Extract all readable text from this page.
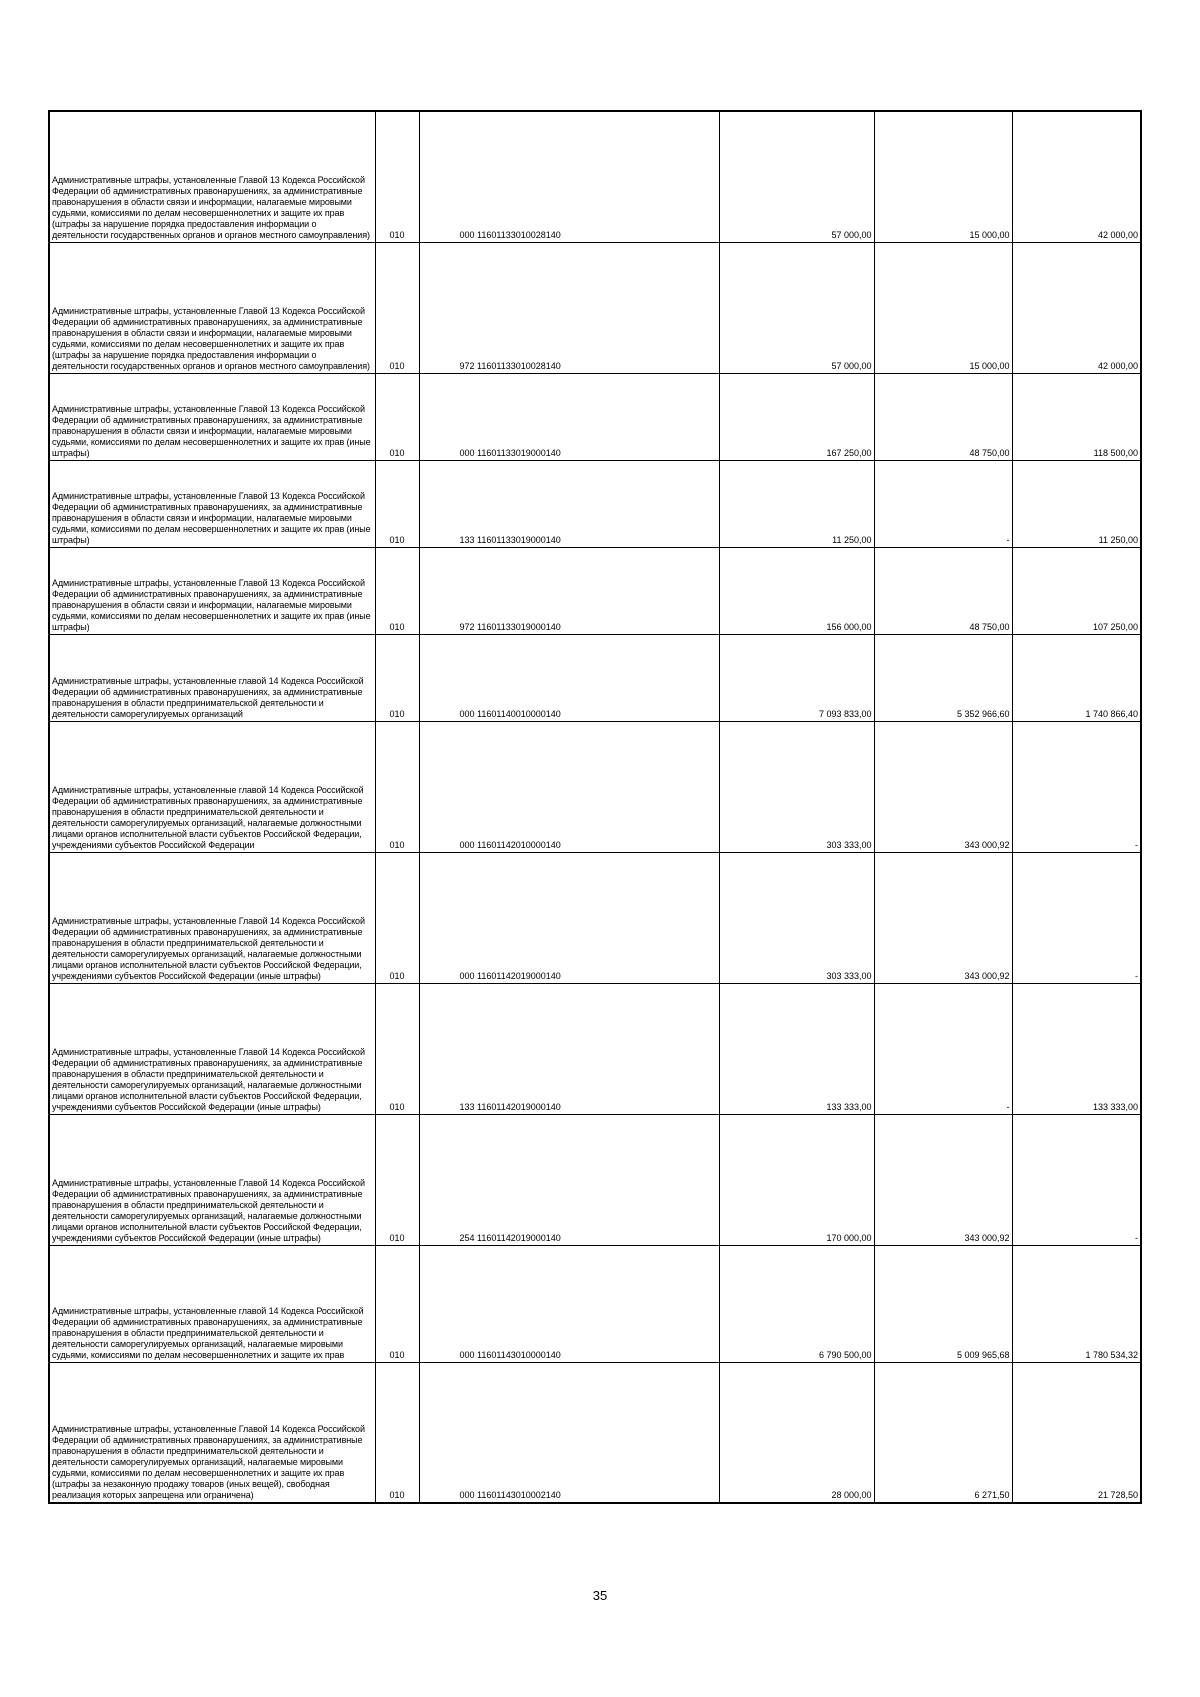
Административные штрафы, установленные Главой 13 Кодекса Российской Федерации об административных правонарушениях, за административные правонарушения в области связи и информации, налагаемые мировыми судьями, комиссиями по делам несовершеннолетних и защите их прав (штрафы за нарушение порядка предоставления информации о деятельности государственных органов и органов местного самоуправления)	010	000 11601133010028140	57 000,00	15 000,00	42 000,00
Административные штрафы, установленные Главой 13 Кодекса Российской Федерации об административных правонарушениях, за административные правонарушения в области связи и информации, налагаемые мировыми судьями, комиссиями по делам несовершеннолетних и защите их прав (штрафы за нарушение порядка предоставления информации о деятельности государственных органов и органов местного самоуправления)	010	972 11601133010028140	57 000,00	15 000,00	42 000,00
Административные штрафы, установленные Главой 13 Кодекса Российской Федерации об административных правонарушениях, за административные правонарушения в области связи и информации, налагаемые мировыми судьями, комиссиями по делам несовершеннолетних и защите их прав (иные штрафы)	010	000 11601133019000140	167 250,00	48 750,00	118 500,00
Административные штрафы, установленные Главой 13 Кодекса Российской Федерации об административных правонарушениях, за административные правонарушения в области связи и информации, налагаемые мировыми судьями, комиссиями по делам несовершеннолетних и защите их прав (иные штрафы)	010	133 11601133019000140	11 250,00	-	11 250,00
Административные штрафы, установленные Главой 13 Кодекса Российской Федерации об административных правонарушениях, за административные правонарушения в области связи и информации, налагаемые мировыми судьями, комиссиями по делам несовершеннолетних и защите их прав (иные штрафы)	010	972 11601133019000140	156 000,00	48 750,00	107 250,00
Административные штрафы, установленные главой 14 Кодекса Российской Федерации об административных правонарушениях, за административные правонарушения в области предпринимательской деятельности и деятельности саморегулируемых организаций	010	000 11601140010000140	7 093 833,00	5 352 966,60	1 740 866,40
Административные штрафы, установленные главой 14 Кодекса Российской Федерации об административных правонарушениях, за административные правонарушения в области предпринимательской деятельности и деятельности саморегулируемых организаций, налагаемые должностными лицами органов исполнительной власти субъектов Российской Федерации, учреждениями субъектов Российской Федерации	010	000 11601142010000140	303 333,00	343 000,92	-
Административные штрафы, установленные Главой 14 Кодекса Российской Федерации об административных правонарушениях, за административные правонарушения в области предпринимательской деятельности и деятельности саморегулируемых организаций, налагаемые должностными лицами органов исполнительной власти субъектов Российской Федерации, учреждениями субъектов Российской Федерации (иные штрафы)	010	000 11601142019000140	303 333,00	343 000,92	-
Административные штрафы, установленные Главой 14 Кодекса Российской Федерации об административных правонарушениях, за административные правонарушения в области предпринимательской деятельности и деятельности саморегулируемых организаций, налагаемые должностными лицами органов исполнительной власти субъектов Российской Федерации, учреждениями субъектов Российской Федерации (иные штрафы)	010	133 11601142019000140	133 333,00	-	133 333,00
Административные штрафы, установленные Главой 14 Кодекса Российской Федерации об административных правонарушениях, за административные правонарушения в области предпринимательской деятельности и деятельности саморегулируемых организаций, налагаемые должностными лицами органов исполнительной власти субъектов Российской Федерации, учреждениями субъектов Российской Федерации (иные штрафы)	010	254 11601142019000140	170 000,00	343 000,92	-
Административные штрафы, установленные главой 14 Кодекса Российской Федерации об административных правонарушениях, за административные правонарушения в области предпринимательской деятельности и деятельности саморегулируемых организаций, налагаемые мировыми судьями, комиссиями по делам несовершеннолетних и защите их прав	010	000 11601143010000140	6 790 500,00	5 009 965,68	1 780 534,32
Административные штрафы, установленные Главой 14 Кодекса Российской Федерации об административных правонарушениях, за административные правонарушения в области предпринимательской деятельности и деятельности саморегулируемых организаций, налагаемые мировыми судьями, комиссиями по делам несовершеннолетних и защите их прав (штрафы за незаконную продажу товаров (иных вещей), свободная реализация которых запрещена или ограничена)	010	000 11601143010002140	28 000,00	6 271,50	21 728,50
35
